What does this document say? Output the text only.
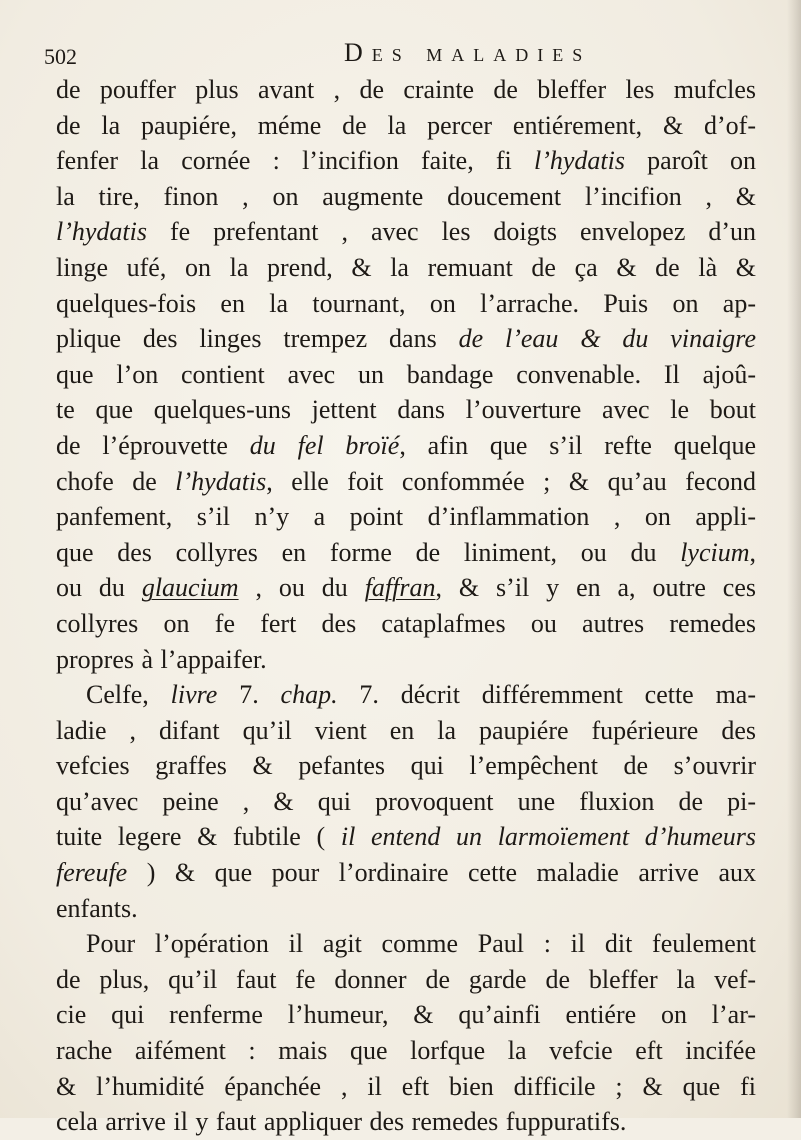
502	Des maladies
de pouffer plus avant , de crainte de bleffer les mufcles
de la paupiére, méme de la percer entiérement, & d’of-
fenfer la cornée : l’incifion faite, fi l’hydatis paroît on
la tire, finon , on augmente doucement l’incifion , &
l’hydatis fe prefentant , avec les doigts envelopez d’un
linge ufé, on la prend, & la remuant de ça & de là &
quelques-fois en la tournant, on l’arrache. Puis on ap-
plique des linges trempez dans de l’eau & du vinaigre
que l’on contient avec un bandage convenable. Il ajoû-
te que quelques-uns jettent dans l’ouverture avec le bout
de l’éprouvette du fel broïé, afin que s’il refte quelque
chofe de l’hydatis, elle foit confommée ; & qu’au fecond
panfement, s’il n’y a point d’inflammation , on appli-
que des collyres en forme de liniment, ou du lycium,
ou du glaucium , ou du faffran, & s’il y en a, outre ces
collyres on fe fert des cataplafmes ou autres remedes
propres à l’appaifer.
Celfe, livre 7. chap. 7. décrit différemment cette ma-
ladie , difant qu’il vient en la paupiére fupérieure des
vefcies graffes & pefantes qui l’empêchent de s’ouvrir
qu’avec peine , & qui provoquent une fluxion de pi-
tuite legere & fubtile ( il entend un larmoïement d’humeurs
fereufe ) & que pour l’ordinaire cette maladie arrive aux
enfants.
Pour l’opération il agit comme Paul : il dit feulement
de plus, qu’il faut fe donner de garde de bleffer la vef-
cie qui renferme l’humeur, & qu’ainfi entiére on l’ar-
rache aifément : mais que lorfque la vefcie eft incifée
& l’humidité épanchée , il eft bien difficile ; & que fi
cela arrive il y faut appliquer des remedes fuppuratifs.
